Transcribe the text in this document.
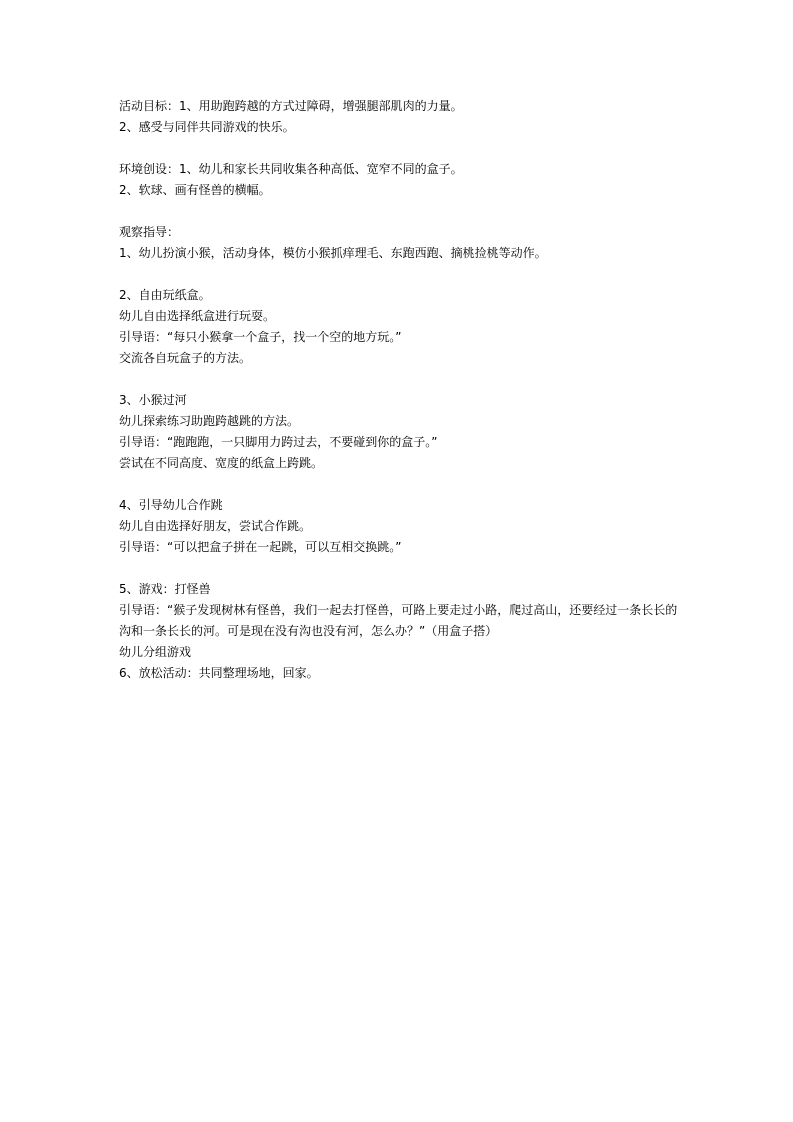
活动目标：1、用助跑跨越的方式过障碍，增强腿部肌肉的力量。
2、感受与同伴共同游戏的快乐。
环境创设：1、幼儿和家长共同收集各种高低、宽窄不同的盒子。
2、软球、画有怪兽的横幅。
观察指导：
1、幼儿扮演小猴，活动身体，模仿小猴抓痒理毛、东跑西跑、摘桃捡桃等动作。
2、自由玩纸盒。
幼儿自由选择纸盒进行玩耍。
引导语：“每只小猴拿一个盒子，找一个空的地方玩。”
交流各自玩盒子的方法。
3、小猴过河
幼儿探索练习助跑跨越跳的方法。
引导语：“跑跑跑，一只脚用力跨过去，不要碰到你的盒子。”
尝试在不同高度、宽度的纸盒上跨跳。
4、引导幼儿合作跳
幼儿自由选择好朋友，尝试合作跳。
引导语：“可以把盒子拼在一起跳，可以互相交换跳。”
5、游戏：打怪兽
引导语：“猴子发现树林有怪兽，我们一起去打怪兽，可路上要走过小路，爬过高山，还要经过一条长长的
沟和一条长长的河。可是现在没有沟也没有河，怎么办？”（用盒子搭）
幼儿分组游戏
6、放松活动：共同整理场地，回家。
